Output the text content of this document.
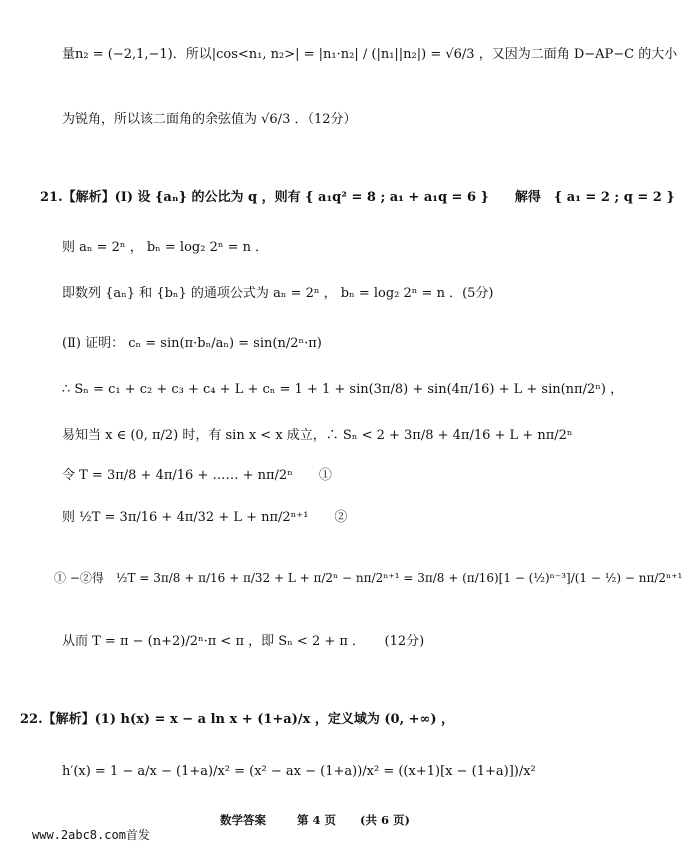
量n₂ = (−2,1,−1)．所以|cos<n₁, n₂>| = |n₁·n₂| / (|n₁||n₂|) = √6/3 ，又因为二面角 D−AP−C 的大小
为锐角，所以该二面角的余弦值为 √6/3 ．（12分）
21.【解析】(Ⅰ) 设 {aₙ} 的公比为 q ，则有 { a₁q² = 8 ; a₁ + a₁q = 6 }　　解得　{ a₁ = 2 ; q = 2 }
则 aₙ = 2ⁿ ， bₙ = log₂ 2ⁿ = n ．
即数列 {aₙ} 和 {bₙ} 的通项公式为 aₙ = 2ⁿ ， bₙ = log₂ 2ⁿ = n ．(5分)
(Ⅱ) 证明： cₙ = sin(π·bₙ/aₙ) = sin(n/2ⁿ·π)
∴ Sₙ = c₁ + c₂ + c₃ + c₄ + L + cₙ = 1 + 1 + sin(3π/8) + sin(4π/16) + L + sin(nπ/2ⁿ) ，
易知当 x ∈ (0, π/2) 时，有 sin x < x 成立，∴ Sₙ < 2 + 3π/8 + 4π/16 + L + nπ/2ⁿ
令 T = 3π/8 + 4π/16 + …… + nπ/2ⁿ　　①
则 ½T = 3π/16 + 4π/32 + L + nπ/2ⁿ⁺¹　　②
① −②得　½T = 3π/8 + π/16 + π/32 + L + π/2ⁿ − nπ/2ⁿ⁺¹ = 3π/8 + (π/16)[1 − (½)ⁿ⁻³]/(1 − ½) − nπ/2ⁿ⁺¹
从而 T = π − (n+2)/2ⁿ·π < π ，即 Sₙ < 2 + π ．　　(12分)
22.【解析】(1) h(x) = x − a ln x + (1+a)/x ，定义域为 (0, +∞) ，
h′(x) = 1 − a/x − (1+a)/x² = (x² − ax − (1+a))/x² = ((x+1)[x − (1+a)])/x²
数学答案	第 4 页 (共 6 页)
www.2abc8.com首发
